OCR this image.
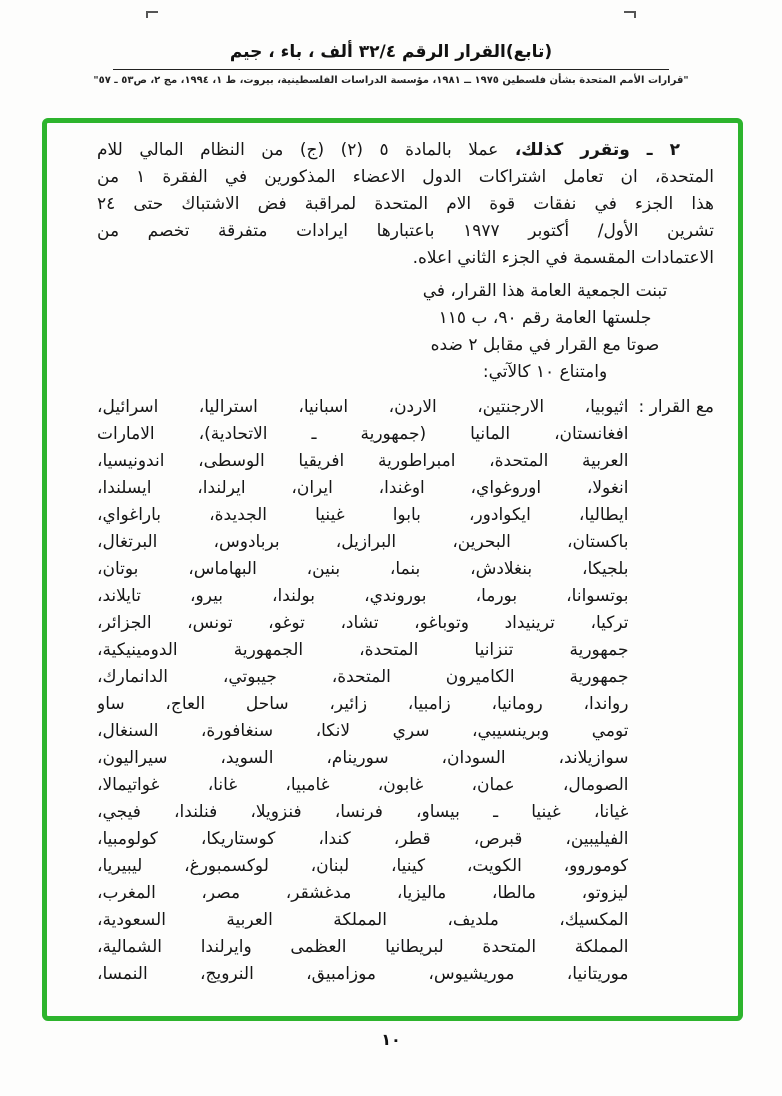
(تابع)القرار الرقم ٣٢/٤ ألف ، باء ، جيم
"قرارات الأمم المتحدة بشأن فلسطين ١٩٧٥ ــ ١٩٨١، مؤسسة الدراسات الفلسطينية، بيروت، ط ١، ١٩٩٤، مج ٢، ص٥٣ ـ ٥٧"
٢ ـ وتقرر كذلك، عملا بالمادة ٥ (٢) (ج) من النظام المالي للام
المتحدة، ان تعامل اشتراكات الدول الاعضاء المذكورين في الفقرة ١ من
هذا الجزء في نفقات قوة الام المتحدة لمراقبة فض الاشتباك حتى ٢٤
تشرين الأول/ أكتوبر ١٩٧٧ باعتبارها ايرادات متفرقة تخصم من
الاعتمادات المقسمة في الجزء الثاني اعلاه.
تبنت الجمعية العامة هذا القرار، في
جلستها العامة رقم ٩٠، ب ١١٥
صوتا مع القرار في مقابل ٢ ضده
وامتناع ١٠ كالآتي:
مع القرار :
اثيوبيا، الارجنتين، الاردن، اسبانيا، استراليا، اسرائيل،
افغانستان، المانيا (جمهورية ـ الاتحادية)، الامارات
العربية المتحدة، امبراطورية افريقيا الوسطى، اندونيسيا،
انغولا، اوروغواي، اوغندا، ايران، ايرلندا، ايسلندا،
ايطاليا، ايكوادور، بابوا غينيا الجديدة، باراغواي،
باكستان، البحرين، البرازيل، بربادوس، البرتغال،
بلجيكا، بنغلادش، بنما، بنين، البهاماس، بوتان،
بوتسوانا، بورما، بوروندي، بولندا، بيرو، تايلاند،
تركيا، ترينيداد وتوباغو، تشاد، توغو، تونس، الجزائر،
جمهورية تنزانيا المتحدة، الجمهورية الدومينيكية،
جمهورية الكاميرون المتحدة، جيبوتي، الدانمارك،
رواندا، رومانيا، زامبيا، زائير، ساحل العاج، ساو
تومي وبرينسيبي، سري لانكا، سنغافورة، السنغال،
سوازيلاند، السودان، سورينام، السويد، سيراليون،
الصومال، عمان، غابون، غامبيا، غانا، غواتيمالا،
غيانا، غينيا ـ بيساو، فرنسا، فنزويلا، فنلندا، فيجي،
الفيليبين، قبرص، قطر، كندا، كوستاريكا، كولومبيا،
كوموروو، الكويت، كينيا، لبنان، لوكسمبورغ، ليبيريا،
ليزوتو، مالطا، ماليزيا، مدغشقر، مصر، المغرب،
المكسيك، ملديف، المملكة العربية السعودية،
المملكة المتحدة لبريطانيا العظمى وايرلندا الشمالية،
موريتانيا، موريشيوس، موزامبيق، النرويج، النمسا،
١٠
